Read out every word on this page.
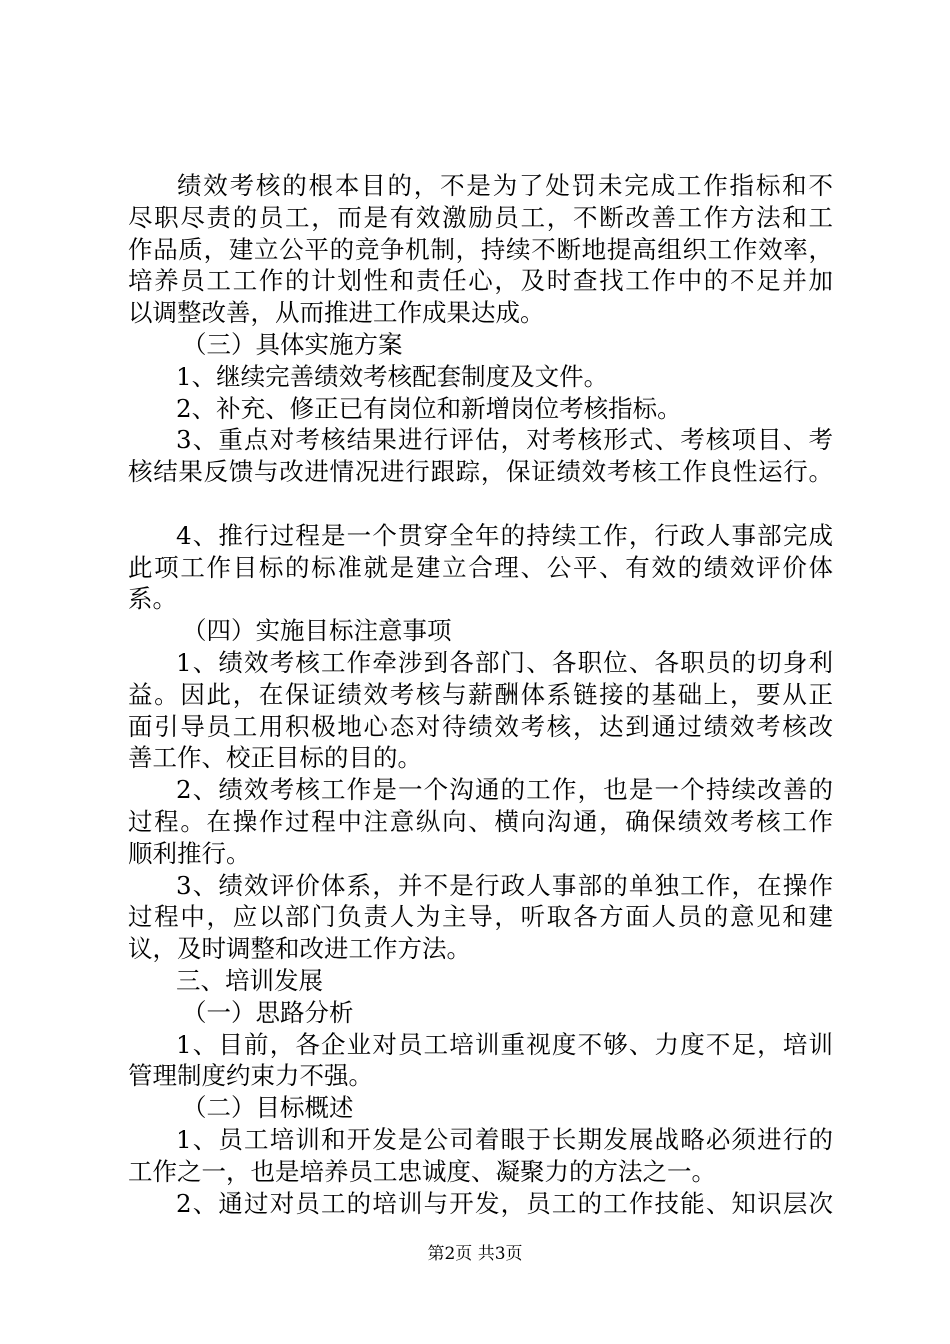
绩效考核的根本目的，不是为了处罚未完成工作指标和不
尽职尽责的员工，而是有效激励员工，不断改善工作方法和工
作品质，建立公平的竞争机制，持续不断地提高组织工作效率，
培养员工工作的计划性和责任心，及时查找工作中的不足并加
以调整改善，从而推进工作成果达成。
（三）具体实施方案
1、继续完善绩效考核配套制度及文件。
2、补充、修正已有岗位和新增岗位考核指标。
3、重点对考核结果进行评估，对考核形式、考核项目、考
核结果反馈与改进情况进行跟踪，保证绩效考核工作良性运行。
4、推行过程是一个贯穿全年的持续工作，行政人事部完成
此项工作目标的标准就是建立合理、公平、有效的绩效评价体
系。
（四）实施目标注意事项
1、绩效考核工作牵涉到各部门、各职位、各职员的切身利
益。因此，在保证绩效考核与薪酬体系链接的基础上，要从正
面引导员工用积极地心态对待绩效考核，达到通过绩效考核改
善工作、校正目标的目的。
2、绩效考核工作是一个沟通的工作，也是一个持续改善的
过程。在操作过程中注意纵向、横向沟通，确保绩效考核工作
顺利推行。
3、绩效评价体系，并不是行政人事部的单独工作，在操作
过程中，应以部门负责人为主导，听取各方面人员的意见和建
议，及时调整和改进工作方法。
三、培训发展
（一）思路分析
1、目前，各企业对员工培训重视度不够、力度不足，培训
管理制度约束力不强。
（二）目标概述
1、员工培训和开发是公司着眼于长期发展战略必须进行的
工作之一，也是培养员工忠诚度、凝聚力的方法之一。
2、通过对员工的培训与开发，员工的工作技能、知识层次
第2页 共3页
